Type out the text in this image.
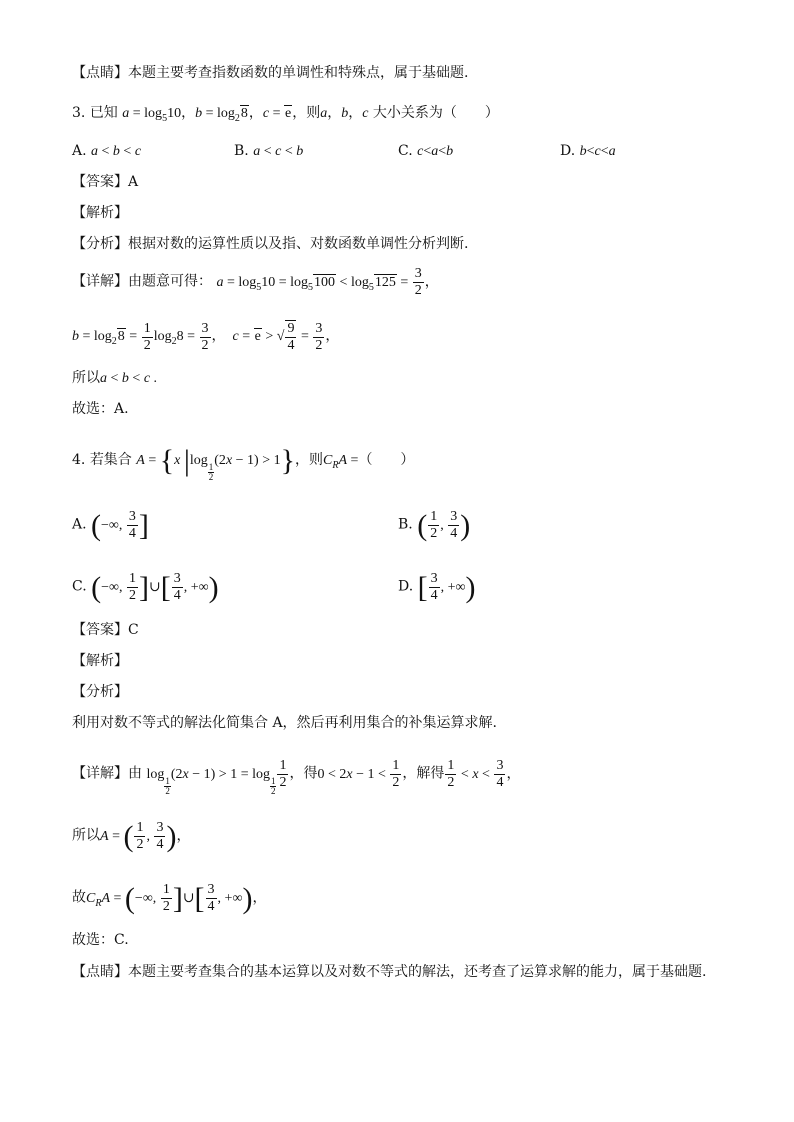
【点睛】本题主要考查指数函数的单调性和特殊点，属于基础题.
3. 已知 $a = \log_510$，$b = \log_28$，c = e，则a，b，c 大小关系为（　　）
A. a < b < c	B. a < c < b	C. c<a<b	D. b<c<a
【答案】A
【解析】
【分析】根据对数的运算性质以及指、对数函数单调性分析判断.
【详解】由题意可得： $a = \log_510 = \log_5100 < \log_5125 = \frac{3}{2}$ ，
$b = \log_28 = \frac{1}{2} \log_28 = \frac{3}{2}$ ，  c = e > √ $\frac{9}{4} = \frac{3}{2}$ ，
所以a < b < c .
故选：A.
4. 若集合 A = {x |log
$\frac{1}{2}$
(2x − 1) > 1}，则$C_RA$ =（　　）
A. (−∞, $\frac{3}{4}$ ]	B. ( $\frac{1}{2}$ , $\frac{3}{4}$ )
C. (−∞, $\frac{1}{2}$ ]∪[ $\frac{3}{4}$ , +∞)	D. [ $\frac{3}{4}$ , +∞)
【答案】C
【解析】
【分析】
利用对数不等式的解法化简集合 A，然后再利用集合的补集运算求解.
【详解】由 log
$\frac{1}{2}$
(2x − 1) > 1 = log
$\frac{1}{2} \frac{1}{2}$ ，得$0 < 2x - 1 < \frac{1}{2}$ ，解得 $\frac{1}{2} < x < \frac{3}{4}$ ，
所以A = ( $\frac{1}{2}$ , $\frac{3}{4}$ )，
故$C_RA$ = (−∞, $\frac{1}{2}$ ]∪[ $\frac{3}{4}$ , +∞)，
故选：C.
【点睛】本题主要考查集合的基本运算以及对数不等式的解法，还考查了运算求解的能力，属于基础题.
